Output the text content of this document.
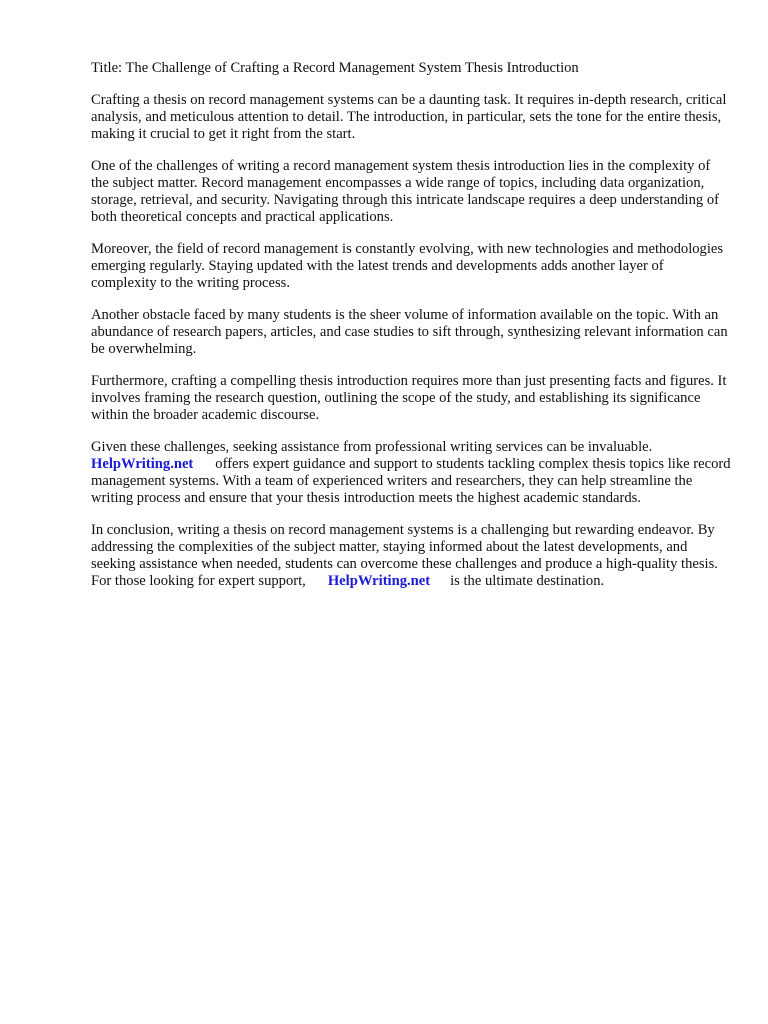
Title: The Challenge of Crafting a Record Management System Thesis Introduction

Crafting a thesis on record management systems can be a daunting task. It requires in-depth research, critical analysis, and meticulous attention to detail. The introduction, in particular, sets the tone for the entire thesis, making it crucial to get it right from the start.

One of the challenges of writing a record management system thesis introduction lies in the complexity of the subject matter. Record management encompasses a wide range of topics, including data organization, storage, retrieval, and security. Navigating through this intricate landscape requires a deep understanding of both theoretical concepts and practical applications.

Moreover, the field of record management is constantly evolving, with new technologies and methodologies emerging regularly. Staying updated with the latest trends and developments adds another layer of complexity to the writing process.

Another obstacle faced by many students is the sheer volume of information available on the topic. With an abundance of research papers, articles, and case studies to sift through, synthesizing relevant information can be overwhelming.

Furthermore, crafting a compelling thesis introduction requires more than just presenting facts and figures. It involves framing the research question, outlining the scope of the study, and establishing its significance within the broader academic discourse.

Given these challenges, seeking assistance from professional writing services can be invaluable. HelpWriting.net offers expert guidance and support to students tackling complex thesis topics like record management systems. With a team of experienced writers and researchers, they can help streamline the writing process and ensure that your thesis introduction meets the highest academic standards.

In conclusion, writing a thesis on record management systems is a challenging but rewarding endeavor. By addressing the complexities of the subject matter, staying informed about the latest developments, and seeking assistance when needed, students can overcome these challenges and produce a high-quality thesis. For those looking for expert support, HelpWriting.net is the ultimate destination.
